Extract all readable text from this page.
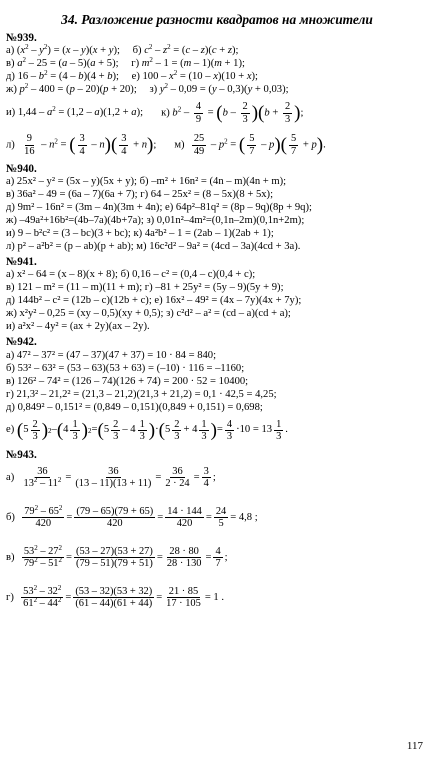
34. Разложение разности квадратов на множители
№939.
а) $(x^2 - y^2) = (x - y)(x + y)$; б) $c^2 - z^2 = (c - z)(c + z)$;
в) $a^2 - 25 = (a - 5)(a + 5)$; г) $m^2 - 1 = (m - 1)(m + 1)$;
д) $16 - b^2 = (4 - b)(4 + b)$; е) $100 - x^2 = (10 - x)(10 + x)$;
ж) $p^2 - 400 = (p - 20)(p + 20)$; з) $y^2 - 0,09 = (y - 0,3)(y + 0,03)$;
и) $1,44 - a^2 = (1,2 - a)(1,2 + a)$; к) $b^2 - \frac{4}{9} = (b - \frac{2}{3} )(b + \frac{2}{3}$ );
$л) \frac{9}{16} - n^2$ = ( $\frac{3}{4} - n)( \frac{3}{4} + n)$; $м) \frac{25}{49} - p^2$ = ( $\frac{5}{7} - p)( \frac{5}{7} + p)$.
№940.
а) 25x² – y² = (5x – y)(5x + y); б) –m² + 16n² = (4n – m)(4n + m);
в) 36a² – 49 = (6a – 7)(6a + 7); г) 64 – 25x² = (8 – 5x)(8 + 5x);
д) 9m² – 16n² = (3m – 4n)(3m + 4n); е) 64p²–81q² = (8p – 9q)(8p + 9q);
ж) –49a²+16b²=(4b–7a)(4b+7a); з) 0,01n²–4m²=(0,1n–2m)(0,1n+2m);
и) 9 – b²c² = (3 – bc)(3 + bc); к) 4a²b² – 1 = (2ab – 1)(2ab + 1);
л) p² – a²b² = (p – ab)(p + ab); м) 16c²d² – 9a² = (4cd – 3a)(4cd + 3a).
№941.
а) x² – 64 = (x – 8)(x + 8); б) 0,16 – c² = (0,4 – c)(0,4 + c);
в) 121 – m² = (11 – m)(11 + m); г) –81 + 25y² = (5y – 9)(5y + 9);
д) 144b² – c² = (12b – c)(12b + c); е) 16x² – 49² = (4x – 7y)(4x + 7y);
ж) x²y² – 0,25 = (xy – 0,5)(xy + 0,5); з) c²d² – a² = (cd – a)(cd + a);
и) a²x² – 4y² = (ax + 2y)(ax – 2y).
№942.
а) 47² – 37² = (47 – 37)(47 + 37) = 10 · 84 = 840;
б) 53² – 63² = (53 – 63)(53 + 63) = (–10) · 116 = –1160;
в) 126² – 74² = (126 – 74)(126 + 74) = 200 · 52 = 10400;
г) 21,3² – 21,2² = (21,3 – 21,2)(21,3 + 21,2) = 0,1 · 42,5 = 4,25;
д) 0,849² – 0,151² = (0,849 – 0,151)(0,849 + 0,151) = 0,698;
е)
( $5 \frac{2}{3}$ ) 2 – ( $4 \frac{1}{3}$ ) 2 = ( $5 \frac{2}{3} - 4 \frac{1}{3}$ ) · ( $5 \frac{2}{3} + 4 \frac{1}{3}$ ) = $\frac{4}{3} \cdot 10 = 13 \frac{1}{3}$ .
№943.
а)
$\frac{36}{13^2 - 11^2} = \frac{36}{(13 - 11)(13 + 11)} = \frac{36}{2 \cdot 24} = \frac{3}{4}$ ;
б)
$\frac{79^2 - 65^2}{420} = \frac{(79 - 65)(79 + 65)}{420} = \frac{14 \cdot 144}{420} = \frac{24}{5} = 4,8$ ;
в)
$\frac{53^2 - 27^2}{79^2 - 51^2} = \frac{(53 - 27)(53 + 27)}{(79 - 51)(79 + 51)} = \frac{28 \cdot 80}{28 \cdot 130} = \frac{4}{7}$ ;
г)
$\frac{53^2 - 32^2}{61^2 - 44^2} = \frac{(53 - 32)(53 + 32)}{(61 - 44)(61 + 44)} = \frac{21 \cdot 85}{17 \cdot 105} = 1$ .
117
